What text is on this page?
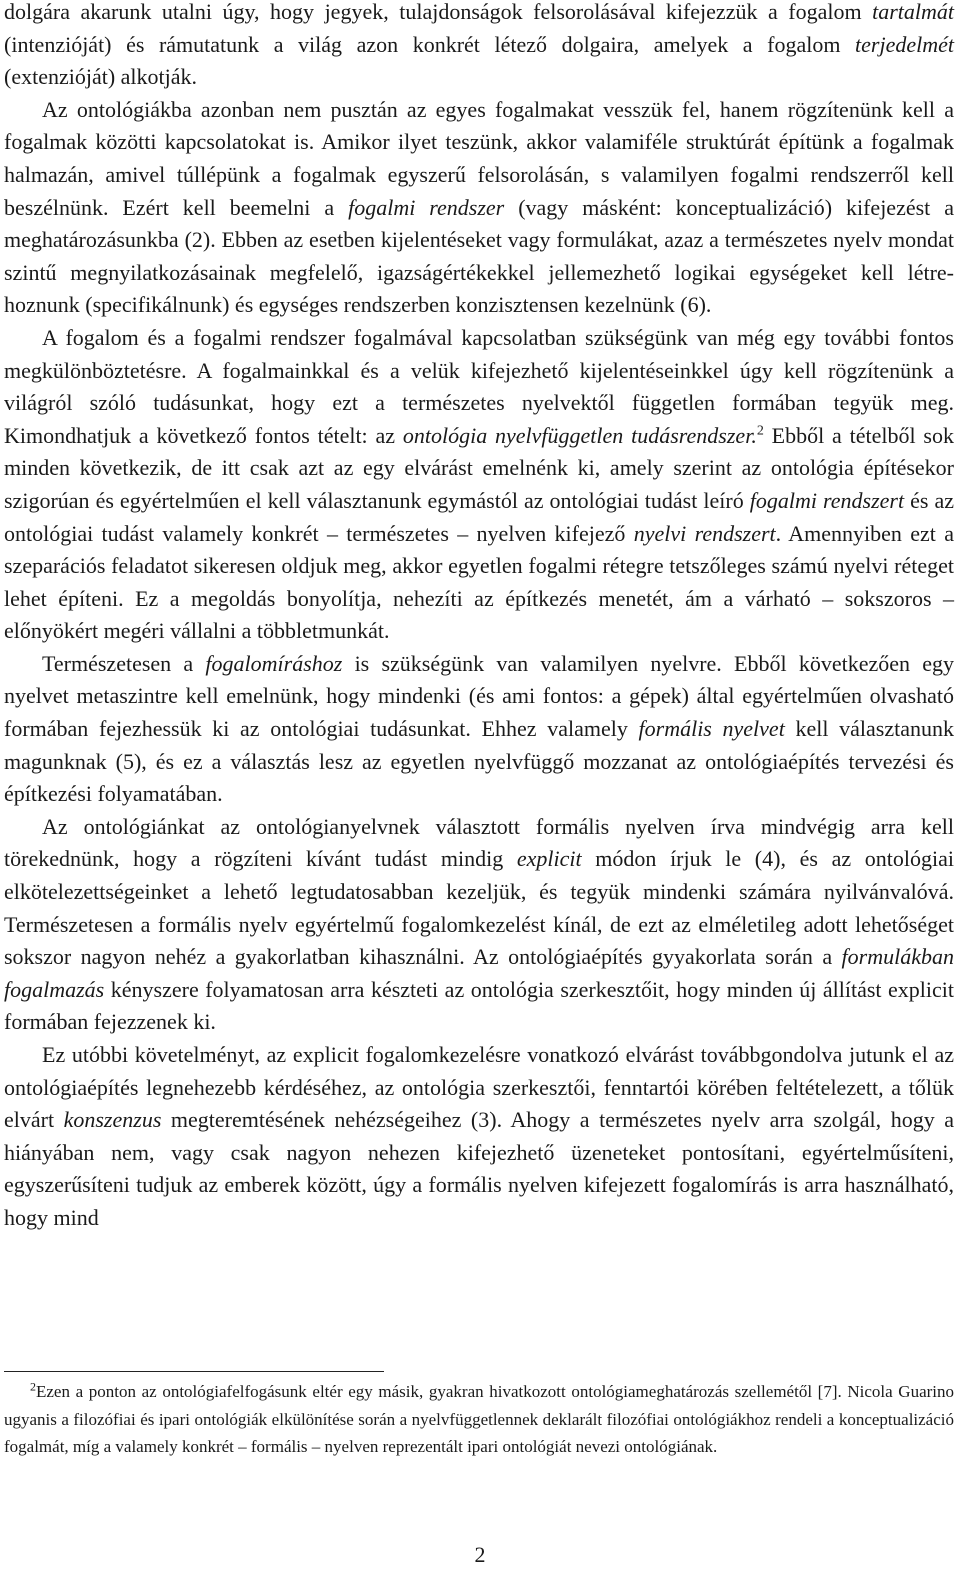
dolgára akarunk utalni úgy, hogy jegyek, tulajdonságok felsorolásával kifejezzük a fogalom tartalmát (intenzióját) és rámutatunk a világ azon konkrét létező dolgaira, amelyek a fogalom terjedelmét (extenzióját) alkotják.

Az ontológiákba azonban nem pusztán az egyes fogalmakat vesszük fel, hanem rögzítenünk kell a fogalmak közötti kapcsolatokat is. Amikor ilyet teszünk, akkor valamiféle struktúrát építünk a fogalmak halmazán, amivel túllépünk a fogalmak egyszerű felsorolásán, s valamilyen fogalmi rendszerről kell beszélnünk. Ezért kell beemelni a fogalmi rendszer (vagy másként: konceptualizáció) kifejezést a meghatározásunkba (2). Ebben az esetben kijelentéseket vagy formulákat, azaz a természetes nyelv mondat szintű megnyilatkozásainak megfelelő, igazságértékekkel jellemezhető logikai egységeket kell létrehoznunk (specifikálnunk) és egységes rendszerben konzisztensen kezelnünk (6).

A fogalom és a fogalmi rendszer fogalmával kapcsolatban szükségünk van még egy további fontos megkülönböztetésre. A fogalmainkkal és a velük kifejezhető kijelentéseinkkel úgy kell rögzítenünk a világról szóló tudásunkat, hogy ezt a természetes nyelvektől független formában tegyük meg. Kimondhatjuk a következő fontos tételt: az ontológia nyelvfüggetlen tudásrendszer.$^2$ Ebből a tételből sok minden következik, de itt csak azt az egy elvárást emelnénk ki, amely szerint az ontológia építésekor szigorúan és egyértelműen el kell választanunk egymástól az ontológiai tudást leíró fogalmi rendszert és az ontológiai tudást valamely konkrét – természetes – nyelven kifejező nyelvi rendszert. Amennyiben ezt a szeparációs feladatot sikeresen oldjuk meg, akkor egyetlen fogalmi rétegre tetszőleges számú nyelvi réteget lehet építeni. Ez a megoldás bonyolítja, nehezíti az építkezés menetét, ám a várható – sokszoros – előnyökért megéri vállalni a többletmunkát.

Természetesen a fogalomíráshoz is szükségünk van valamilyen nyelvre. Ebből következően egy nyelvet metaszintre kell emelnünk, hogy mindenki (és ami fontos: a gépek) által egyértelműen olvasható formában fejezhessük ki az ontológiai tudásunkat. Ehhez valamely formális nyelvet kell választanunk magunknak (5), és ez a választás lesz az egyetlen nyelvfüggő mozzanat az ontológiaépítés tervezési és építkezési folyamatában.

Az ontológiánkat az ontológianyelvnek választott formális nyelven írva mindvégig arra kell törekednünk, hogy a rögzíteni kívánt tudást mindig explicit módon írjuk le (4), és az ontológiai elkötelezettségeinket a lehető legtudatosabban kezeljük, és tegyük mindenki számára nyilvánvalóvá. Természetesen a formális nyelv egyértelmű fogalomkezelést kínál, de ezt az elméletileg adott lehetőséget sokszor nagyon nehéz a gyakorlatban kihasználni. Az ontológiaépítés gyyakorlata során a formulákban fogalmazás kényszere folyamatosan arra készteti az ontológia szerkesztőit, hogy minden új állítást explicit formában fejezzenek ki.

Ez utóbbi követelményt, az explicit fogalomkezelésre vonatkozó elvárást továbbgondolva jutunk el az ontológiaépítés legnehezebb kérdéséhez, az ontológia szerkesztői, fenntartói körében feltételezett, a tőlük elvárt konszenzus megteremtésének nehézségeihez (3). Ahogy a természetes nyelv arra szolgál, hogy a hiányában nem, vagy csak nagyon nehezen kifejezhető üzeneteket pontosítani, egyértelműsíteni, egyszerűsíteni tudjuk az emberek között, úgy a formális nyelven kifejezett fogalomírás is arra használható, hogy mind

$^2$Ezen a ponton az ontológiafelfogásunk eltér egy másik, gyakran hivatkozott ontológiameghatározás szellemétől [7]. Nicola Guarino ugyanis a filozófiai és ipari ontológiák elkülönítése során a nyelvfüggetlennek deklarált filozófiai ontológiákhoz rendeli a konceptualizáció fogalmát, míg a valamely konkrét – formális – nyelven reprezentált ipari ontológiát nevezi ontológiának.
2
